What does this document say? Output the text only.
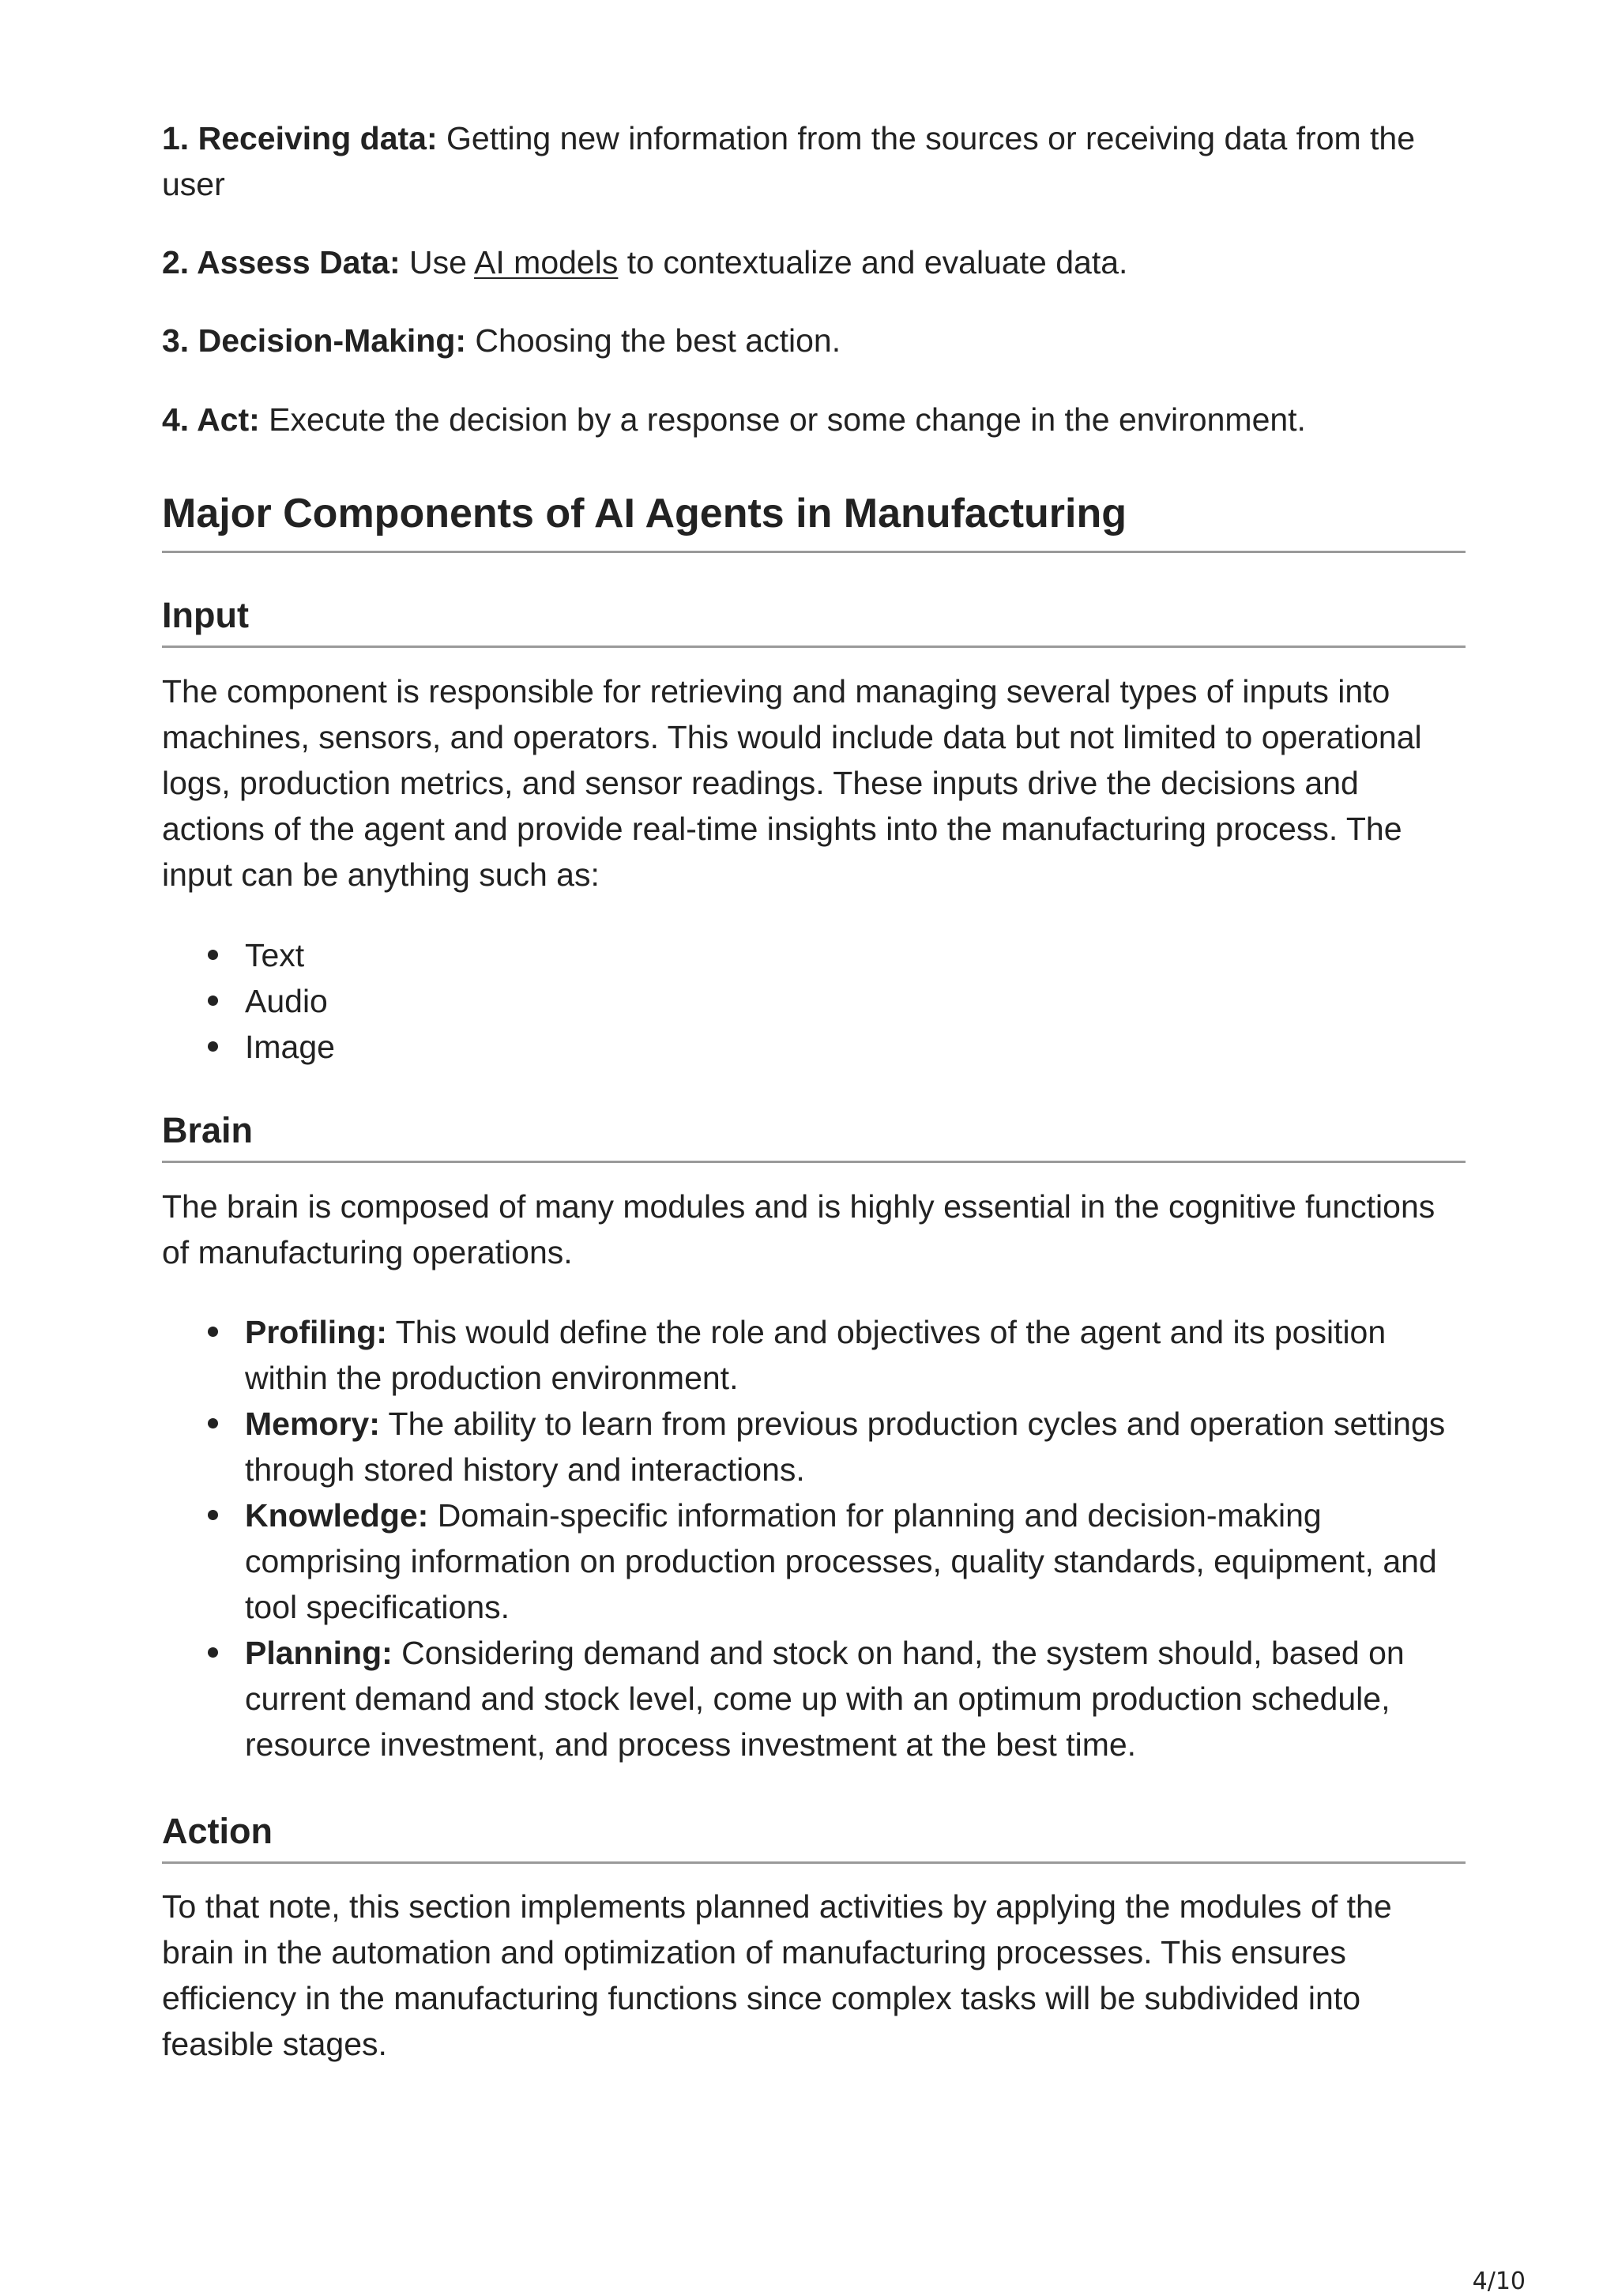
1. Receiving data: Getting new information from the sources or receiving data from the user

2. Assess Data: Use AI models to contextualize and evaluate data.

3. Decision-Making: Choosing the best action.

4. Act: Execute the decision by a response or some change in the environment.

Major Components of AI Agents in Manufacturing
Input

The component is responsible for retrieving and managing several types of inputs into machines, sensors, and operators. This would include data but not limited to operational logs, production metrics, and sensor readings. These inputs drive the decisions and actions of the agent and provide real-time insights into the manufacturing process. The input can be anything such as:

Text
Audio
Image
Brain

The brain is composed of many modules and is highly essential in the cognitive functions of manufacturing operations.

Profiling: This would define the role and objectives of the agent and its position within the production environment.
Memory: The ability to learn from previous production cycles and operation settings through stored history and interactions.
Knowledge: Domain-specific information for planning and decision-making comprising information on production processes, quality standards, equipment, and tool specifications.
Planning: Considering demand and stock on hand, the system should, based on current demand and stock level, come up with an optimum production schedule, resource investment, and process investment at the best time.
Action

To that note, this section implements planned activities by applying the modules of the brain in the automation and optimization of manufacturing processes. This ensures efficiency in the manufacturing functions since complex tasks will be subdivided into feasible stages.

4/10
